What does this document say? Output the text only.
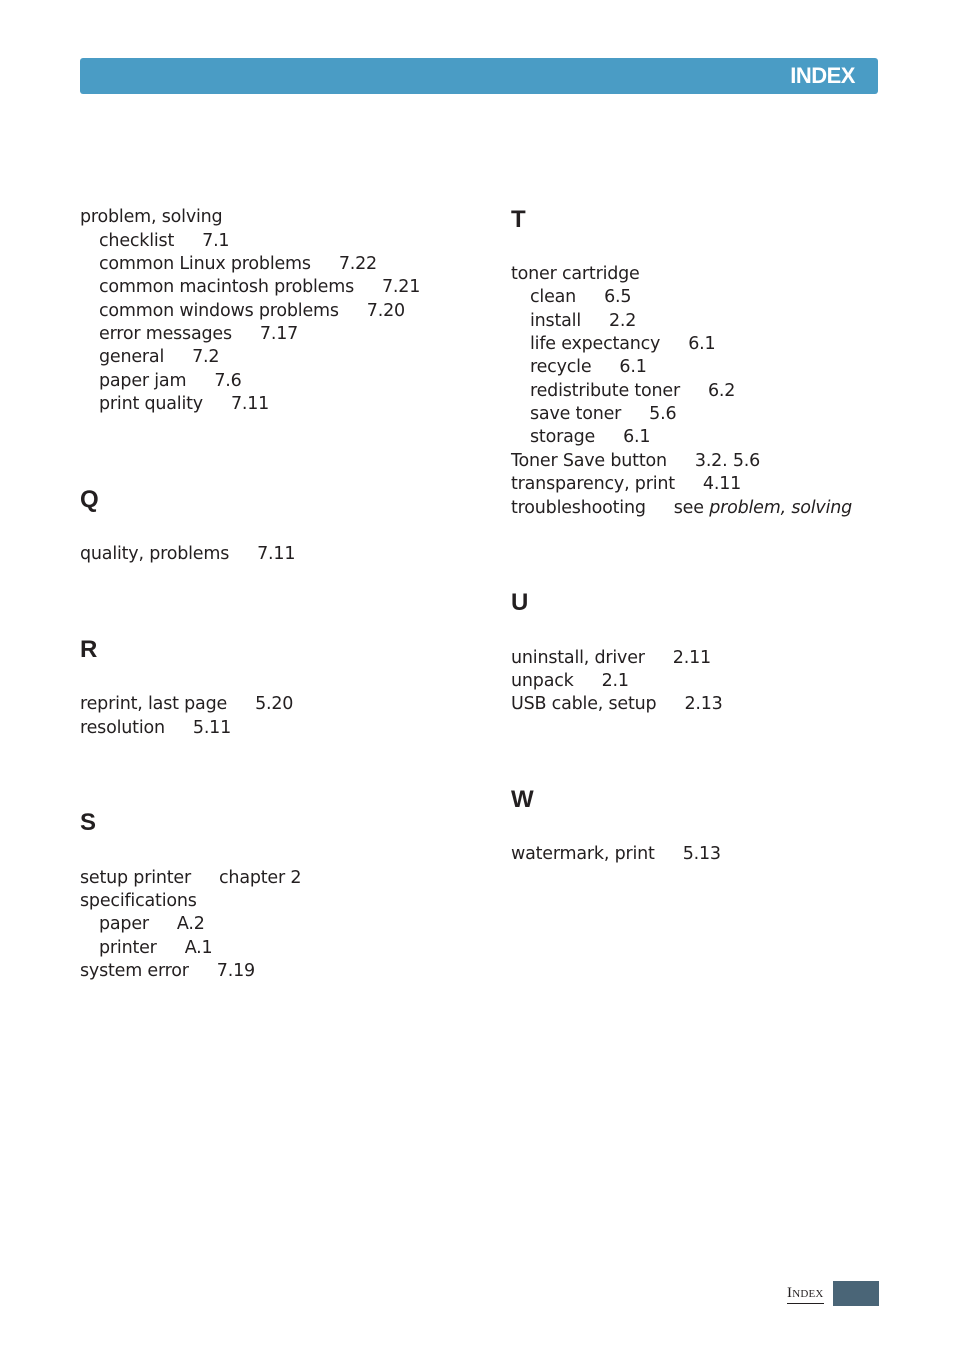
INDEX
problem, solving
checklist 7.1
common Linux problems 7.22
common macintosh problems 7.21
common windows problems 7.20
error messages 7.17
general 7.2
paper jam 7.6
print quality 7.11
Q
quality, problems 7.11
R
reprint, last page 5.20
resolution 5.11
S
setup printer chapter 2
specifications
paper A.2
printer A.1
system error 7.19
T
toner cartridge
clean 6.5
install 2.2
life expectancy 6.1
recycle 6.1
redistribute toner 6.2
save toner 5.6
storage 6.1
Toner Save button 3.2. 5.6
transparency, print 4.11
troubleshooting see problem, solving
U
uninstall, driver 2.11
unpack 2.1
USB cable, setup 2.13
W
watermark, print 5.13
INDEX
